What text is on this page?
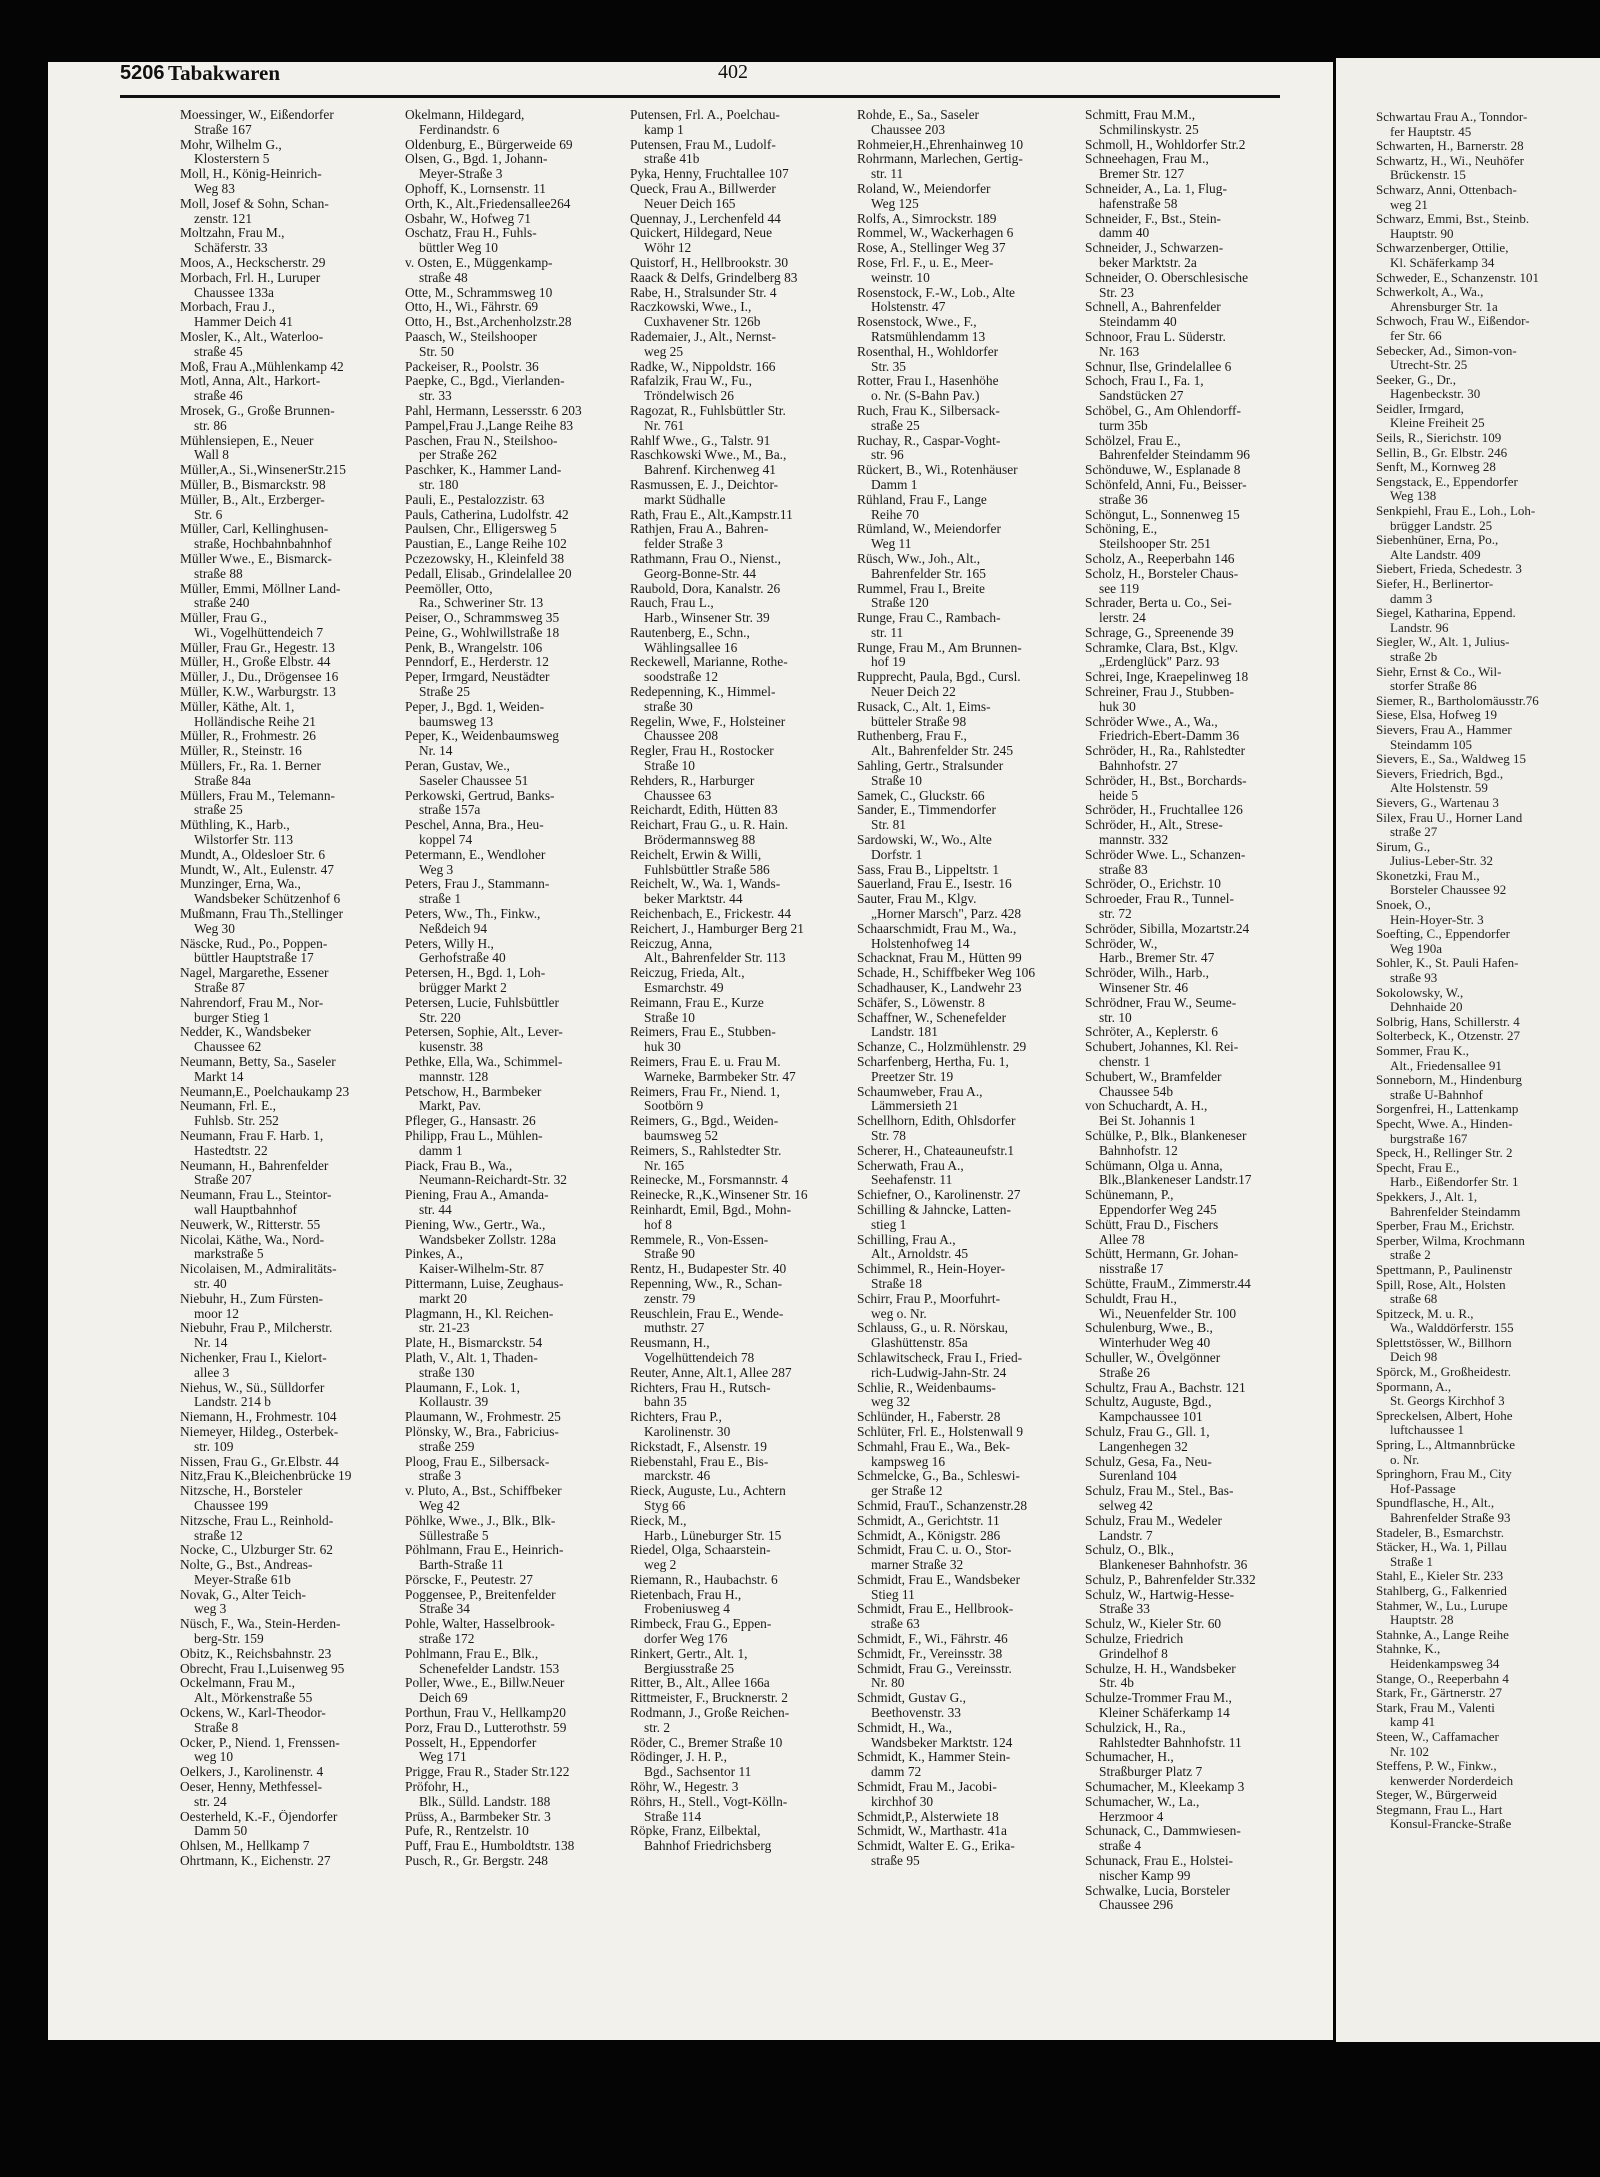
5206 Tabakwaren	402
Moessinger, W., Eißendorfer
Straße 167
Mohr, Wilhelm G.,
Klosterstern 5
Moll, H., König-Heinrich-
Weg 83
Moll, Josef & Sohn, Schan-
zenstr. 121
Moltzahn, Frau M.,
Schäferstr. 33
Moos, A., Heckscherstr. 29
Morbach, Frl. H., Luruper
Chaussee 133a
Morbach, Frau J.,
Hammer Deich 41
Mosler, K., Alt., Waterloo-
straße 45
Moß, Frau A.,Mühlenkamp 42
Motl, Anna, Alt., Harkort-
straße 46
Mrosek, G., Große Brunnen-
str. 86
Mühlensiepen, E., Neuer
Wall 8
Müller,A., Si.,WinsenerStr.215
Müller, B., Bismarckstr. 98
Müller, B., Alt., Erzberger-
Str. 6
Müller, Carl, Kellinghusen-
straße, Hochbahnbahnhof
Müller Wwe., E., Bismarck-
straße 88
Müller, Emmi, Möllner Land-
straße 240
Müller, Frau G.,
Wi., Vogelhüttendeich 7
Müller, Frau Gr., Hegestr. 13
Müller, H., Große Elbstr. 44
Müller, J., Du., Drögensee 16
Müller, K.W., Warburgstr. 13
Müller, Käthe, Alt. 1,
Holländische Reihe 21
Müller, R., Frohmestr. 26
Müller, R., Steinstr. 16
Müllers, Fr., Ra. 1. Berner
Straße 84a
Müllers, Frau M., Telemann-
straße 25
Müthling, K., Harb.,
Wilstorfer Str. 113
Mundt, A., Oldesloer Str. 6
Mundt, W., Alt., Eulenstr. 47
Munzinger, Erna, Wa.,
Wandsbeker Schützenhof 6
Mußmann, Frau Th.,Stellinger
Weg 30
Näscke, Rud., Po., Poppen-
büttler Hauptstraße 17
Nagel, Margarethe, Essener
Straße 87
Nahrendorf, Frau M., Nor-
burger Stieg 1
Nedder, K., Wandsbeker
Chaussee 62
Neumann, Betty, Sa., Saseler
Markt 14
Neumann,E., Poelchaukamp 23
Neumann, Frl. E.,
Fuhlsb. Str. 252
Neumann, Frau F. Harb. 1,
Hastedtstr. 22
Neumann, H., Bahrenfelder
Straße 207
Neumann, Frau L., Steintor-
wall Hauptbahnhof
Neuwerk, W., Ritterstr. 55
Nicolai, Käthe, Wa., Nord-
markstraße 5
Nicolaisen, M., Admiralitäts-
str. 40
Niebuhr, H., Zum Fürsten-
moor 12
Niebuhr, Frau P., Milcherstr.
Nr. 14
Nichenker, Frau I., Kielort-
allee 3
Niehus, W., Sü., Sülldorfer
Landstr. 214 b
Niemann, H., Frohmestr. 104
Niemeyer, Hildeg., Osterbek-
str. 109
Nissen, Frau G., Gr.Elbstr. 44
Nitz,Frau K.,Bleichenbrücke 19
Nitzsche, H., Borsteler
Chaussee 199
Nitzsche, Frau L., Reinhold-
straße 12
Nocke, C., Ulzburger Str. 62
Nolte, G., Bst., Andreas-
Meyer-Straße 61b
Novak, G., Alter Teich-
weg 3
Nüsch, F., Wa., Stein-Herden-
berg-Str. 159
Obitz, K., Reichsbahnstr. 23
Obrecht, Frau I.,Luisenweg 95
Ockelmann, Frau M.,
Alt., Mörkenstraße 55
Ockens, W., Karl-Theodor-
Straße 8
Ocker, P., Niend. 1, Frenssen-
weg 10
Oelkers, J., Karolinenstr. 4
Oeser, Henny, Methfessel-
str. 24
Oesterheld, K.-F., Öjendorfer
Damm 50
Ohlsen, M., Hellkamp 7
Ohrtmann, K., Eichenstr. 27
Okelmann, Hildegard,
Ferdinandstr. 6
Oldenburg, E., Bürgerweide 69
Olsen, G., Bgd. 1, Johann-
Meyer-Straße 3
Ophoff, K., Lornsenstr. 11
Orth, K., Alt.,Friedensallee264
Osbahr, W., Hofweg 71
Oschatz, Frau H., Fuhls-
büttler Weg 10
v. Osten, E., Müggenkamp-
straße 48
Otte, M., Schrammsweg 10
Otto, H., Wi., Fährstr. 69
Otto, H., Bst.,Archenholzstr.28
Paasch, W., Steilshooper
Str. 50
Packeiser, R., Poolstr. 36
Paepke, C., Bgd., Vierlanden-
str. 33
Pahl, Hermann, Lessersstr. 6 203
Pampel,Frau J.,Lange Reihe 83
Paschen, Frau N., Steilshoo-
per Straße 262
Paschker, K., Hammer Land-
str. 180
Pauli, E., Pestalozzistr. 63
Pauls, Catherina, Ludolfstr. 42
Paulsen, Chr., Elligersweg 5
Paustian, E., Lange Reihe 102
Pczezowsky, H., Kleinfeld 38
Pedall, Elisab., Grindelallee 20
Peemöller, Otto,
Ra., Schweriner Str. 13
Peiser, O., Schrammsweg 35
Peine, G., Wohlwillstraße 18
Penk, B., Wrangelstr. 106
Penndorf, E., Herderstr. 12
Peper, Irmgard, Neustädter
Straße 25
Peper, J., Bgd. 1, Weiden-
baumsweg 13
Peper, K., Weidenbaumsweg
Nr. 14
Peran, Gustav, We.,
Saseler Chaussee 51
Perkowski, Gertrud, Banks-
straße 157a
Peschel, Anna, Bra., Heu-
koppel 74
Petermann, E., Wendloher
Weg 3
Peters, Frau J., Stammann-
straße 1
Peters, Ww., Th., Finkw.,
Neßdeich 94
Peters, Willy H.,
Gerhofstraße 40
Petersen, H., Bgd. 1, Loh-
brügger Markt 2
Petersen, Lucie, Fuhlsbüttler
Str. 220
Petersen, Sophie, Alt., Lever-
kusenstr. 38
Pethke, Ella, Wa., Schimmel-
mannstr. 128
Petschow, H., Barmbeker
Markt, Pav.
Pfleger, G., Hansastr. 26
Philipp, Frau L., Mühlen-
damm 1
Piack, Frau B., Wa.,
Neumann-Reichardt-Str. 32
Piening, Frau A., Amanda-
str. 44
Piening, Ww., Gertr., Wa.,
Wandsbeker Zollstr. 128a
Pinkes, A.,
Kaiser-Wilhelm-Str. 87
Pittermann, Luise, Zeughaus-
markt 20
Plagmann, H., Kl. Reichen-
str. 21-23
Plate, H., Bismarckstr. 54
Plath, V., Alt. 1, Thaden-
straße 130
Plaumann, F., Lok. 1,
Kollaustr. 39
Plaumann, W., Frohmestr. 25
Plönsky, W., Bra., Fabricius-
straße 259
Ploog, Frau E., Silbersack-
straße 3
v. Pluto, A., Bst., Schiffbeker
Weg 42
Pöhlke, Wwe., J., Blk., Blk-
Süllestraße 5
Pöhlmann, Frau E., Heinrich-
Barth-Straße 11
Pörscke, F., Peutestr. 27
Poggensee, P., Breitenfelder
Straße 34
Pohle, Walter, Hasselbrook-
straße 172
Pohlmann, Frau E., Blk.,
Schenefelder Landstr. 153
Poller, Wwe., E., Billw.Neuer
Deich 69
Porthun, Frau V., Hellkamp20
Porz, Frau D., Lutterothstr. 59
Posselt, H., Eppendorfer
Weg 171
Prigge, Frau R., Stader Str.122
Pröfohr, H.,
Blk., Sülld. Landstr. 188
Prüss, A., Barmbeker Str. 3
Pufe, R., Rentzelstr. 10
Puff, Frau E., Humboldtstr. 138
Pusch, R., Gr. Bergstr. 248
Putensen, Frl. A., Poelchau-
kamp 1
Putensen, Frau M., Ludolf-
straße 41b
Pyka, Henny, Fruchtallee 107
Queck, Frau A., Billwerder
Neuer Deich 165
Quennay, J., Lerchenfeld 44
Quickert, Hildegard, Neue
Wöhr 12
Quistorf, H., Hellbrookstr. 30
Raack & Delfs, Grindelberg 83
Rabe, H., Stralsunder Str. 4
Raczkowski, Wwe., I.,
Cuxhavener Str. 126b
Rademaier, J., Alt., Nernst-
weg 25
Radke, W., Nippoldstr. 166
Rafalzik, Frau W., Fu.,
Tröndelwisch 26
Ragozat, R., Fuhlsbüttler Str.
Nr. 761
Rahlf Wwe., G., Talstr. 91
Raschkowski Wwe., M., Ba.,
Bahrenf. Kirchenweg 41
Rasmussen, E. J., Deichtor-
markt Südhalle
Rath, Frau E., Alt.,Kampstr.11
Rathjen, Frau A., Bahren-
felder Straße 3
Rathmann, Frau O., Nienst.,
Georg-Bonne-Str. 44
Raubold, Dora, Kanalstr. 26
Rauch, Frau L.,
Harb., Winsener Str. 39
Rautenberg, E., Schn.,
Wählingsallee 16
Reckewell, Marianne, Rothe-
soodstraße 12
Redepenning, K., Himmel-
straße 30
Regelin, Wwe, F., Holsteiner
Chaussee 208
Regler, Frau H., Rostocker
Straße 10
Rehders, R., Harburger
Chaussee 63
Reichardt, Edith, Hütten 83
Reichart, Frau G., u. R. Hain.
Brödermannsweg 88
Reichelt, Erwin & Willi,
Fuhlsbüttler Straße 586
Reichelt, W., Wa. 1, Wands-
beker Marktstr. 44
Reichenbach, E., Frickestr. 44
Reichert, J., Hamburger Berg 21
Reiczug, Anna,
Alt., Bahrenfelder Str. 113
Reiczug, Frieda, Alt.,
Esmarchstr. 49
Reimann, Frau E., Kurze
Straße 10
Reimers, Frau E., Stubben-
huk 30
Reimers, Frau E. u. Frau M.
Warneke, Barmbeker Str. 47
Reimers, Frau Fr., Niend. 1,
Sootbörn 9
Reimers, G., Bgd., Weiden-
baumsweg 52
Reimers, S., Rahlstedter Str.
Nr. 165
Reinecke, M., Forsmannstr. 4
Reinecke, R.,K.,Winsener Str. 16
Reinhardt, Emil, Bgd., Mohn-
hof 8
Remmele, R., Von-Essen-
Straße 90
Rentz, H., Budapester Str. 40
Repenning, Ww., R., Schan-
zenstr. 79
Reuschlein, Frau E., Wende-
muthstr. 27
Reusmann, H.,
Vogelhüttendeich 78
Reuter, Anne, Alt.1, Allee 287
Richters, Frau H., Rutsch-
bahn 35
Richters, Frau P.,
Karolinenstr. 30
Rickstadt, F., Alsenstr. 19
Riebenstahl, Frau E., Bis-
marckstr. 46
Rieck, Auguste, Lu., Achtern
Styg 66
Rieck, M.,
Harb., Lüneburger Str. 15
Riedel, Olga, Schaarstein-
weg 2
Riemann, R., Haubachstr. 6
Rietenbach, Frau H.,
Frobeniusweg 4
Rimbeck, Frau G., Eppen-
dorfer Weg 176
Rinkert, Gertr., Alt. 1,
Bergiusstraße 25
Ritter, B., Alt., Allee 166a
Rittmeister, F., Brucknerstr. 2
Rodmann, J., Große Reichen-
str. 2
Röder, C., Bremer Straße 10
Rödinger, J. H. P.,
Bgd., Sachsentor 11
Röhr, W., Hegestr. 3
Röhrs, H., Stell., Vogt-Kölln-
Straße 114
Röpke, Franz, Eilbektal,
Bahnhof Friedrichsberg
Rohde, E., Sa., Saseler
Chaussee 203
Rohmeier,H.,Ehrenhainweg 10
Rohrmann, Marlechen, Gertig-
str. 11
Roland, W., Meiendorfer
Weg 125
Rolfs, A., Simrockstr. 189
Rommel, W., Wackerhagen 6
Rose, A., Stellinger Weg 37
Rose, Frl. F., u. E., Meer-
weinstr. 10
Rosenstock, F.-W., Lob., Alte
Holstenstr. 47
Rosenstock, Wwe., F.,
Ratsmühlendamm 13
Rosenthal, H., Wohldorfer
Str. 35
Rotter, Frau I., Hasenhöhe
o. Nr. (S-Bahn Pav.)
Ruch, Frau K., Silbersack-
straße 25
Ruchay, R., Caspar-Voght-
str. 96
Rückert, B., Wi., Rotenhäuser
Damm 1
Rühland, Frau F., Lange
Reihe 70
Rümland, W., Meiendorfer
Weg 11
Rüsch, Ww., Joh., Alt.,
Bahrenfelder Str. 165
Rummel, Frau I., Breite
Straße 120
Runge, Frau C., Rambach-
str. 11
Runge, Frau M., Am Brunnen-
hof 19
Rupprecht, Paula, Bgd., Cursl.
Neuer Deich 22
Rusack, C., Alt. 1, Eims-
bütteler Straße 98
Ruthenberg, Frau F.,
Alt., Bahrenfelder Str. 245
Sahling, Gertr., Stralsunder
Straße 10
Samek, C., Gluckstr. 66
Sander, E., Timmendorfer
Str. 81
Sardowski, W., Wo., Alte
Dorfstr. 1
Sass, Frau B., Lippeltstr. 1
Sauerland, Frau E., Isestr. 16
Sauter, Frau M., Klgv.
„Horner Marsch", Parz. 428
Schaarschmidt, Frau M., Wa.,
Holstenhofweg 14
Schacknat, Frau M., Hütten 99
Schade, H., Schiffbeker Weg 106
Schadhauser, K., Landwehr 23
Schäfer, S., Löwenstr. 8
Schaffner, W., Schenefelder
Landstr. 181
Schanze, C., Holzmühlenstr. 29
Scharfenberg, Hertha, Fu. 1,
Preetzer Str. 19
Schaumweber, Frau A.,
Lämmersieth 21
Schellhorn, Edith, Ohlsdorfer
Str. 78
Scherer, H., Chateauneufstr.1
Scherwath, Frau A.,
Seehafenstr. 11
Schiefner, O., Karolinenstr. 27
Schilling & Jahncke, Latten-
stieg 1
Schilling, Frau A.,
Alt., Arnoldstr. 45
Schimmel, R., Hein-Hoyer-
Straße 18
Schirr, Frau P., Moorfuhrt-
weg o. Nr.
Schlauss, G., u. R. Nörskau,
Glashüttenstr. 85a
Schlawitscheck, Frau I., Fried-
rich-Ludwig-Jahn-Str. 24
Schlie, R., Weidenbaums-
weg 32
Schlünder, H., Faberstr. 28
Schlüter, Frl. E., Holstenwall 9
Schmahl, Frau E., Wa., Bek-
kampsweg 16
Schmelcke, G., Ba., Schleswi-
ger Straße 12
Schmid, FrauT., Schanzenstr.28
Schmidt, A., Gerichtstr. 11
Schmidt, A., Königstr. 286
Schmidt, Frau C. u. O., Stor-
marner Straße 32
Schmidt, Frau E., Wandsbeker
Stieg 11
Schmidt, Frau E., Hellbrook-
straße 63
Schmidt, F., Wi., Fährstr. 46
Schmidt, Fr., Vereinsstr. 38
Schmidt, Frau G., Vereinsstr.
Nr. 80
Schmidt, Gustav G.,
Beethovenstr. 33
Schmidt, H., Wa.,
Wandsbeker Marktstr. 124
Schmidt, K., Hammer Stein-
damm 72
Schmidt, Frau M., Jacobi-
kirchhof 30
Schmidt,P., Alsterwiete 18
Schmidt, W., Marthastr. 41a
Schmidt, Walter E. G., Erika-
straße 95
Schmitt, Frau M.M.,
Schmilinskystr. 25
Schmoll, H., Wohldorfer Str.2
Schneehagen, Frau M.,
Bremer Str. 127
Schneider, A., La. 1, Flug-
hafenstraße 58
Schneider, F., Bst., Stein-
damm 40
Schneider, J., Schwarzen-
beker Marktstr. 2a
Schneider, O. Oberschlesische
Str. 23
Schnell, A., Bahrenfelder
Steindamm 40
Schnoor, Frau L. Süderstr.
Nr. 163
Schnur, Ilse, Grindelallee 6
Schoch, Frau I., Fa. 1,
Sandstücken 27
Schöbel, G., Am Ohlendorff-
turm 35b
Schölzel, Frau E.,
Bahrenfelder Steindamm 96
Schönduwe, W., Esplanade 8
Schönfeld, Anni, Fu., Beisser-
straße 36
Schöngut, L., Sonnenweg 15
Schöning, E.,
Steilshooper Str. 251
Scholz, A., Reeperbahn 146
Scholz, H., Borsteler Chaus-
see 119
Schrader, Berta u. Co., Sei-
lerstr. 24
Schrage, G., Spreenende 39
Schramke, Clara, Bst., Klgv.
„Erdenglück" Parz. 93
Schrei, Inge, Kraepelinweg 18
Schreiner, Frau J., Stubben-
huk 30
Schröder Wwe., A., Wa.,
Friedrich-Ebert-Damm 36
Schröder, H., Ra., Rahlstedter
Bahnhofstr. 27
Schröder, H., Bst., Borchards-
heide 5
Schröder, H., Fruchtallee 126
Schröder, H., Alt., Strese-
mannstr. 332
Schröder Wwe. L., Schanzen-
straße 83
Schröder, O., Erichstr. 10
Schroeder, Frau R., Tunnel-
str. 72
Schröder, Sibilla, Mozartstr.24
Schröder, W.,
Harb., Bremer Str. 47
Schröder, Wilh., Harb.,
Winsener Str. 46
Schrödner, Frau W., Seume-
str. 10
Schröter, A., Keplerstr. 6
Schubert, Johannes, Kl. Rei-
chenstr. 1
Schubert, W., Bramfelder
Chaussee 54b
von Schuchardt, A. H.,
Bei St. Johannis 1
Schülke, P., Blk., Blankeneser
Bahnhofstr. 12
Schümann, Olga u. Anna,
Blk.,Blankeneser Landstr.17
Schünemann, P.,
Eppendorfer Weg 245
Schütt, Frau D., Fischers
Allee 78
Schütt, Hermann, Gr. Johan-
nisstraße 17
Schütte, FrauM., Zimmerstr.44
Schuldt, Frau H.,
Wi., Neuenfelder Str. 100
Schulenburg, Wwe., B.,
Winterhuder Weg 40
Schuller, W., Övelgönner
Straße 26
Schultz, Frau A., Bachstr. 121
Schultz, Auguste, Bgd.,
Kampchaussee 101
Schulz, Frau G., Gll. 1,
Langenhegen 32
Schulz, Gesa, Fa., Neu-
Surenland 104
Schulz, Frau M., Stel., Bas-
selweg 42
Schulz, Frau M., Wedeler
Landstr. 7
Schulz, O., Blk.,
Blankeneser Bahnhofstr. 36
Schulz, P., Bahrenfelder Str.332
Schulz, W., Hartwig-Hesse-
Straße 33
Schulz, W., Kieler Str. 60
Schulze, Friedrich
Grindelhof 8
Schulze, H. H., Wandsbeker
Str. 4b
Schulze-Trommer Frau M.,
Kleiner Schäferkamp 14
Schulzick, H., Ra.,
Rahlstedter Bahnhofstr. 11
Schumacher, H.,
Straßburger Platz 7
Schumacher, M., Kleekamp 3
Schumacher, W., La.,
Herzmoor 4
Schunack, C., Dammwiesen-
straße 4
Schunack, Frau E., Holstei-
nischer Kamp 99
Schwalke, Lucia, Borsteler
Chaussee 296
Schwartau Frau A., Tonndor-
fer Hauptstr. 45
Schwarten, H., Barnerstr. 28
Schwartz, H., Wi., Neuhöfer
Brückenstr. 15
Schwarz, Anni, Ottenbach-
weg 21
Schwarz, Emmi, Bst., Steinb.
Hauptstr. 90
Schwarzenberger, Ottilie,
Kl. Schäferkamp 34
Schweder, E., Schanzenstr. 101
Schwerkolt, A., Wa.,
Ahrensburger Str. 1a
Schwoch, Frau W., Eißendor-
fer Str. 66
Sebecker, Ad., Simon-von-
Utrecht-Str. 25
Seeker, G., Dr.,
Hagenbeckstr. 30
Seidler, Irmgard,
Kleine Freiheit 25
Seils, R., Sierichstr. 109
Sellin, B., Gr. Elbstr. 246
Senft, M., Kornweg 28
Sengstack, E., Eppendorfer
Weg 138
Senkpiehl, Frau E., Loh., Loh-
brügger Landstr. 25
Siebenhüner, Erna, Po.,
Alte Landstr. 409
Siebert, Frieda, Schedestr. 3
Siefer, H., Berlinertor-
damm 3
Siegel, Katharina, Eppend.
Landstr. 96
Siegler, W., Alt. 1, Julius-
straße 2b
Siehr, Ernst & Co., Wil-
storfer Straße 86
Siemer, R., Bartholomäusstr.76
Siese, Elsa, Hofweg 19
Sievers, Frau A., Hammer
Steindamm 105
Sievers, E., Sa., Waldweg 15
Sievers, Friedrich, Bgd.,
Alte Holstenstr. 59
Sievers, G., Wartenau 3
Silex, Frau U., Horner Land
straße 27
Sirum, G.,
Julius-Leber-Str. 32
Skonetzki, Frau M.,
Borsteler Chaussee 92
Snoek, O.,
Hein-Hoyer-Str. 3
Soefting, C., Eppendorfer
Weg 190a
Sohler, K., St. Pauli Hafen-
straße 93
Sokolowsky, W.,
Dehnhaide 20
Solbrig, Hans, Schillerstr. 4
Solterbeck, K., Otzenstr. 27
Sommer, Frau K.,
Alt., Friedensallee 91
Sonneborn, M., Hindenburg
straße U-Bahnhof
Sorgenfrei, H., Lattenkamp
Specht, Wwe. A., Hinden-
burgstraße 167
Speck, H., Rellinger Str. 2
Specht, Frau E.,
Harb., Eißendorfer Str. 1
Spekkers, J., Alt. 1,
Bahrenfelder Steindamm
Sperber, Frau M., Erichstr.
Sperber, Wilma, Krochmann
straße 2
Spettmann, P., Paulinenstr
Spill, Rose, Alt., Holsten
straße 68
Spitzeck, M. u. R.,
Wa., Walddörferstr. 155
Splettstösser, W., Billhorn
Deich 98
Spörck, M., Großheidestr.
Spormann, A.,
St. Georgs Kirchhof 3
Spreckelsen, Albert, Hohe
luftchaussee 1
Spring, L., Altmannbrücke
o. Nr.
Springhorn, Frau M., City
Hof-Passage
Spundflasche, H., Alt.,
Bahrenfelder Straße 93
Stadeler, B., Esmarchstr.
Stäcker, H., Wa. 1, Pillau
Straße 1
Stahl, E., Kieler Str. 233
Stahlberg, G., Falkenried
Stahmer, W., Lu., Lurupe
Hauptstr. 28
Stahnke, A., Lange Reihe
Stahnke, K.,
Heidenkampsweg 34
Stange, O., Reeperbahn 4
Stark, Fr., Gärtnerstr. 27
Stark, Frau M., Valenti
kamp 41
Steen, W., Caffamacher
Nr. 102
Steffens, P. W., Finkw.,
kenwerder Norderdeich
Steger, W., Bürgerweid
Stegmann, Frau L., Hart
Konsul-Francke-Straße
